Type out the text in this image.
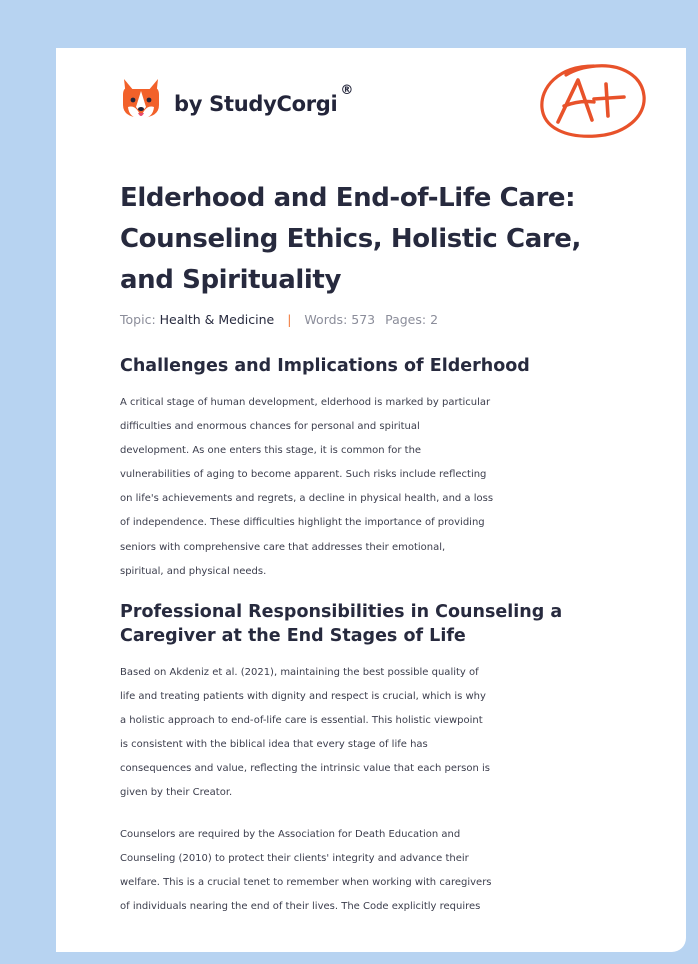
by StudyCorgi
®
Elderhood and End-of-Life Care:
Counseling Ethics, Holistic Care,
and Spirituality
Topic: Health & Medicine | Words: 573 Pages: 2
Challenges and Implications of Elderhood

A critical stage of human development, elderhood is marked by particular
difficulties and enormous chances for personal and spiritual
development. As one enters this stage, it is common for the
vulnerabilities of aging to become apparent. Such risks include reflecting
on life's achievements and regrets, a decline in physical health, and a loss
of independence. These difficulties highlight the importance of providing
seniors with comprehensive care that addresses their emotional,
spiritual, and physical needs.

Professional Responsibilities in Counseling a
Caregiver at the End Stages of Life

Based on Akdeniz et al. (2021), maintaining the best possible quality of
life and treating patients with dignity and respect is crucial, which is why
a holistic approach to end-of-life care is essential. This holistic viewpoint
is consistent with the biblical idea that every stage of life has
consequences and value, reflecting the intrinsic value that each person is
given by their Creator.

Counselors are required by the Association for Death Education and
Counseling (2010) to protect their clients' integrity and advance their
welfare. This is a crucial tenet to remember when working with caregivers
of individuals nearing the end of their lives. The Code explicitly requires
